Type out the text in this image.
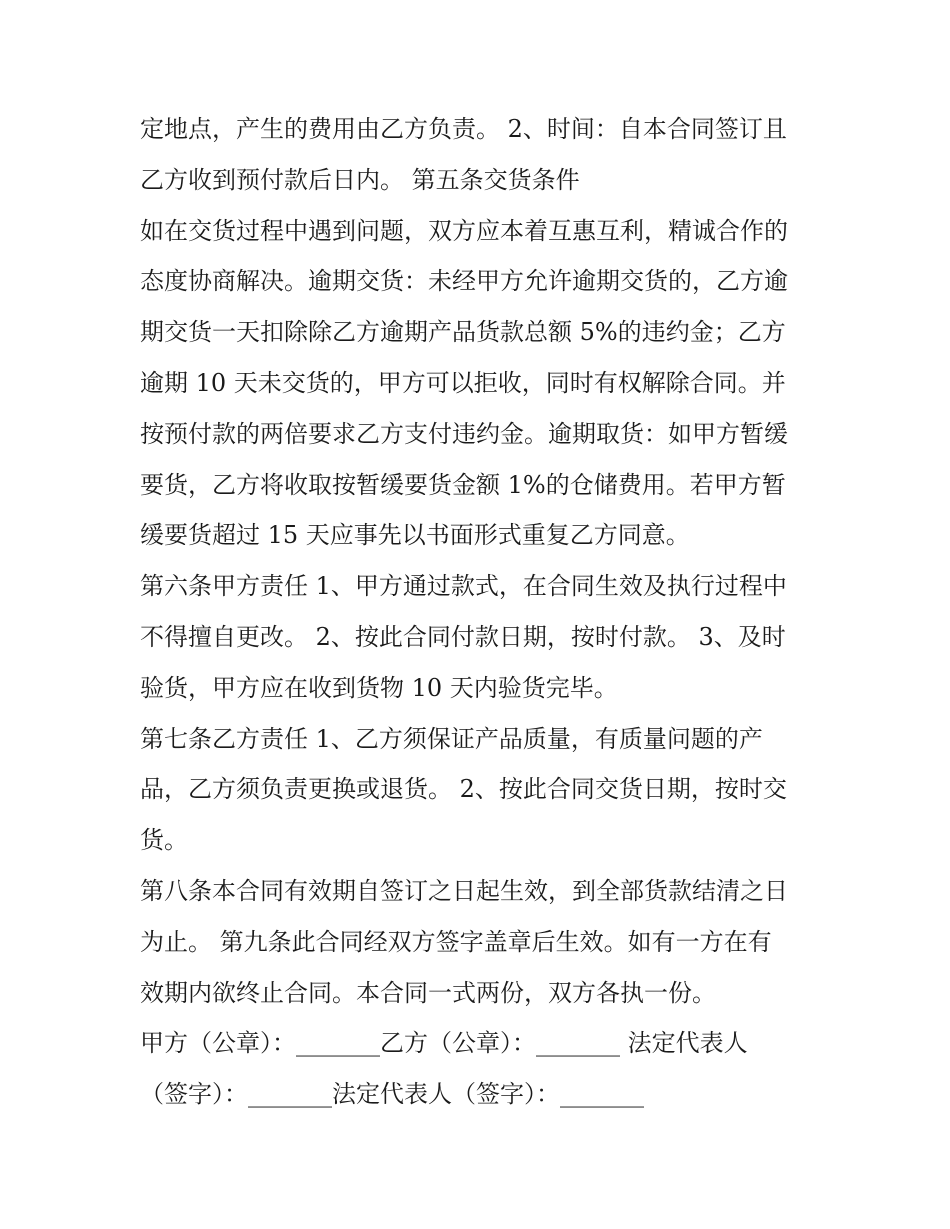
定地点，产生的费用由乙方负责。 2、时间：自本合同签订且
乙方收到预付款后日内。 第五条交货条件
如在交货过程中遇到问题，双方应本着互惠互利，精诚合作的
态度协商解决。逾期交货：未经甲方允许逾期交货的，乙方逾
期交货一天扣除除乙方逾期产品货款总额 5%的违约金；乙方
逾期 10 天未交货的，甲方可以拒收，同时有权解除合同。并
按预付款的两倍要求乙方支付违约金。逾期取货：如甲方暂缓
要货，乙方将收取按暂缓要货金额 1%的仓储费用。若甲方暂
缓要货超过 15 天应事先以书面形式重复乙方同意。
第六条甲方责任 1、甲方通过款式，在合同生效及执行过程中
不得擅自更改。 2、按此合同付款日期，按时付款。 3、及时
验货，甲方应在收到货物 10 天内验货完毕。
第七条乙方责任 1、乙方须保证产品质量，有质量问题的产
品，乙方须负责更换或退货。 2、按此合同交货日期，按时交
货。
第八条本合同有效期自签订之日起生效，到全部货款结清之日
为止。 第九条此合同经双方签字盖章后生效。如有一方在有
效期内欲终止合同。本合同一式两份，双方各执一份。
甲方（公章）：_______乙方（公章）：_______ 法定代表人
（签字）：_______法定代表人（签字）：_______
